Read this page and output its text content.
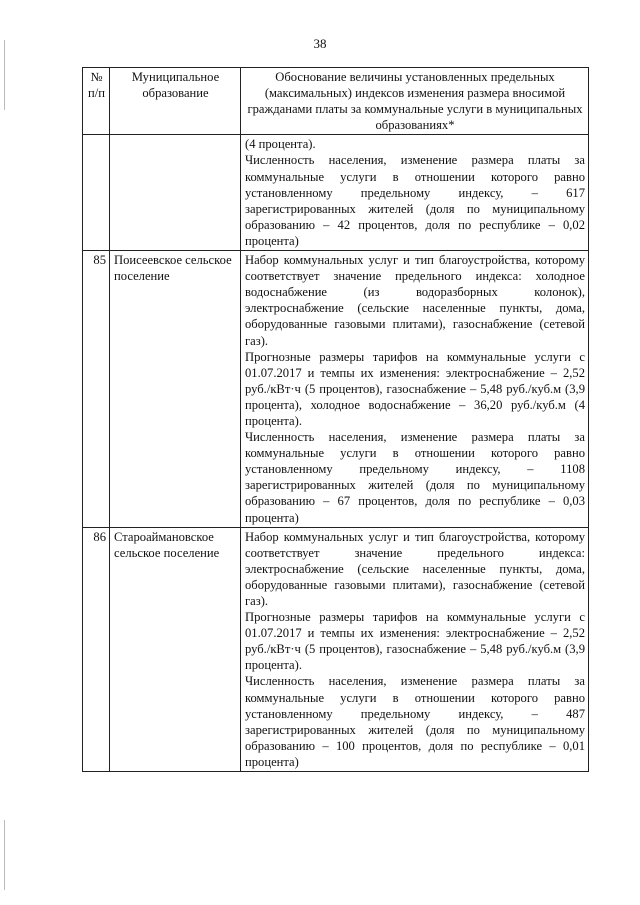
38
№ п/п	Муниципальное образование	Обоснование величины установленных предельных (максимальных) индексов изменения размера вносимой гражданами платы за коммунальные услуги в муниципальных образованиях*

		(4 процента).
Численность населения, изменение размера платы за коммунальные услуги в отношении которого равно установленному предельному индексу, – 617 зарегистрированных жителей (доля по муниципальному образованию – 42 процентов, доля по республике – 0,02 процента)

85	Поисеевское сельское поселение	Набор коммунальных услуг и тип благоустройства, которому соответствует значение предельного индекса: холодное водоснабжение (из водоразборных колонок), электроснабжение (сельские населенные пункты, дома, оборудованные газовыми плитами), газоснабжение (сетевой газ).
Прогнозные размеры тарифов на коммунальные услуги с 01.07.2017 и темпы их изменения: электроснабжение – 2,52 руб./кВт·ч (5 процентов), газоснабжение – 5,48 руб./куб.м (3,9 процента), холодное водоснабжение – 36,20 руб./куб.м (4 процента).
Численность населения, изменение размера платы за коммунальные услуги в отношении которого равно установленному предельному индексу, – 1108 зарегистрированных жителей (доля по муниципальному образованию – 67 процентов, доля по республике – 0,03 процента)

86	Староаймановское сельское поселение	Набор коммунальных услуг и тип благоустройства, которому соответствует значение предельного индекса: электроснабжение (сельские населенные пункты, дома, оборудованные газовыми плитами), газоснабжение (сетевой газ).
Прогнозные размеры тарифов на коммунальные услуги с 01.07.2017 и темпы их изменения: электроснабжение – 2,52 руб./кВт·ч (5 процентов), газоснабжение – 5,48 руб./куб.м (3,9 процента).
Численность населения, изменение размера платы за коммунальные услуги в отношении которого равно установленному предельному индексу, – 487 зарегистрированных жителей (доля по муниципальному образованию – 100 процентов, доля по республике – 0,01 процента)
